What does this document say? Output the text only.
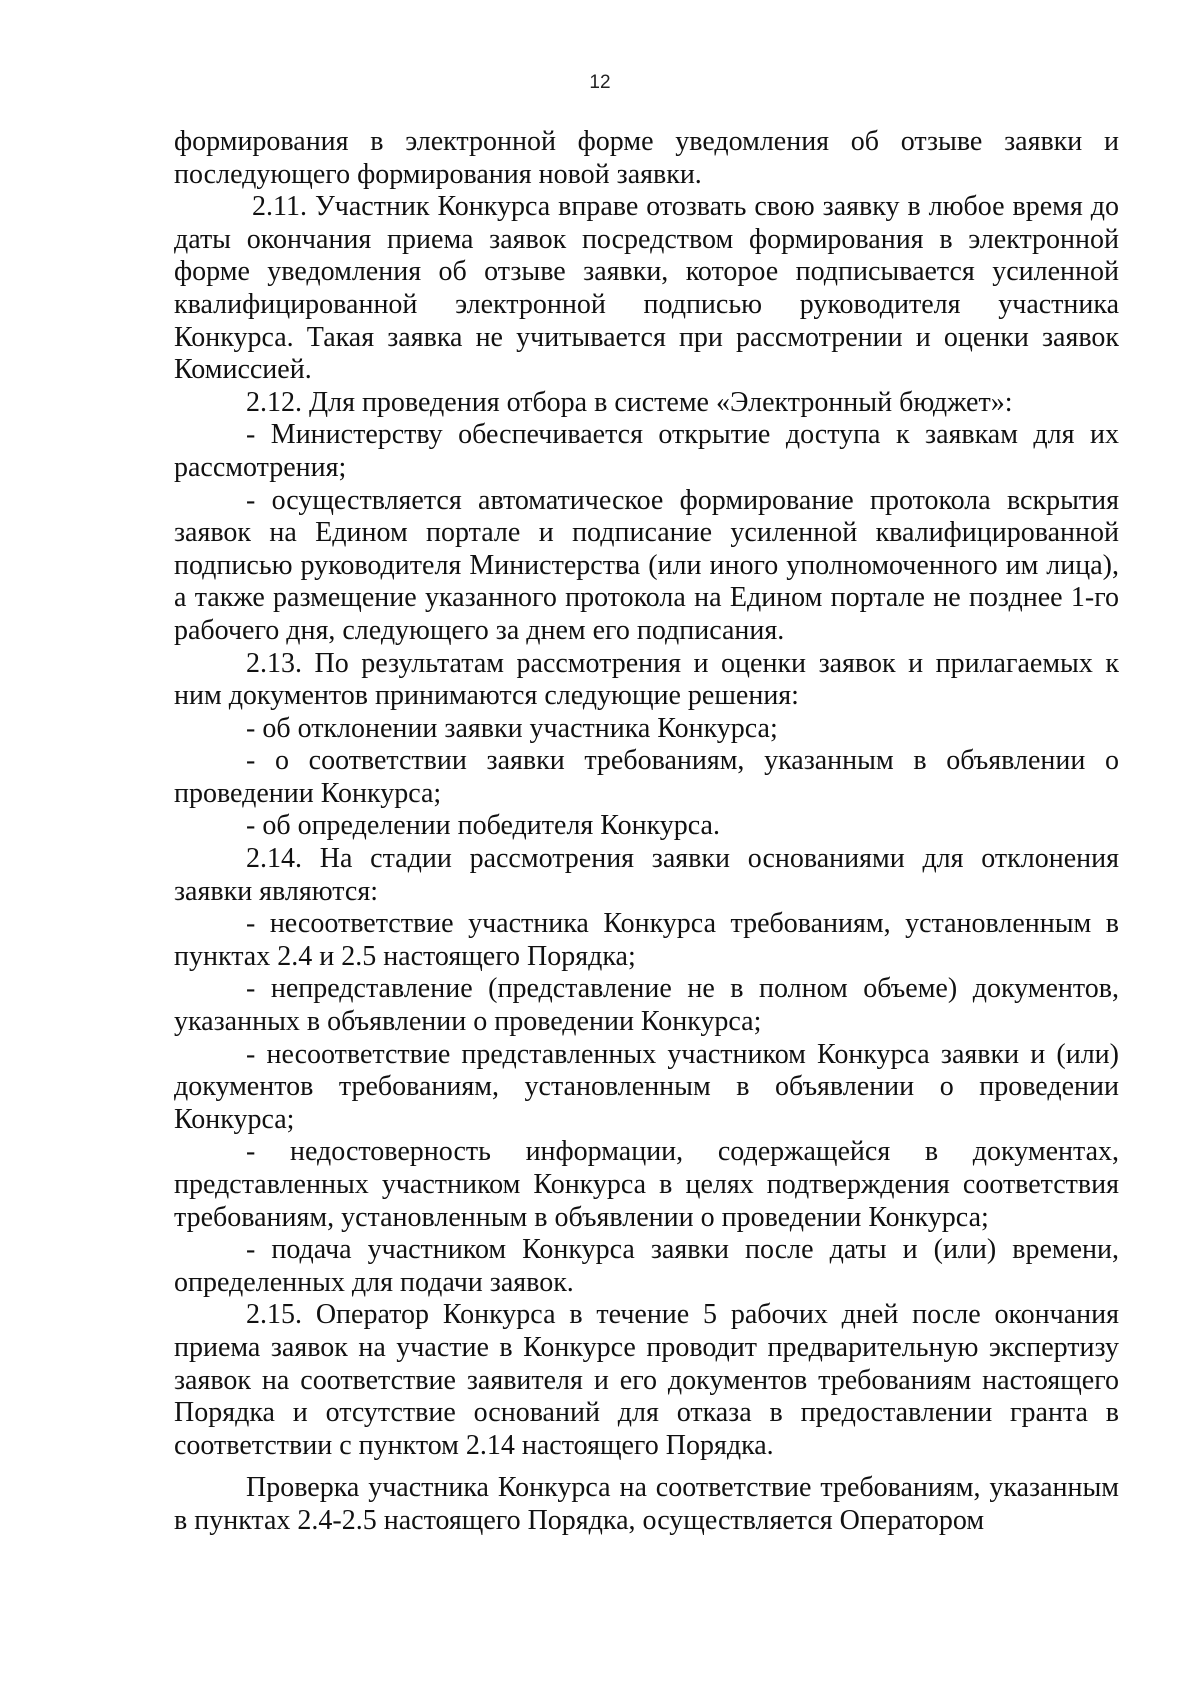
12

формирования в электронной форме уведомления об отзыве заявки и последующего формирования новой заявки.

2.11. Участник Конкурса вправе отозвать свою заявку в любое время до даты окончания приема заявок посредством формирования в электронной форме уведомления об отзыве заявки, которое подписывается усиленной квалифицированной электронной подписью руководителя участника Конкурса. Такая заявка не учитывается при рассмотрении и оценки заявок Комиссией.

2.12. Для проведения отбора в системе «Электронный бюджет»:

- Министерству обеспечивается открытие доступа к заявкам для их рассмотрения;

- осуществляется автоматическое формирование протокола вскрытия заявок на Едином портале и подписание усиленной квалифицированной подписью руководителя Министерства (или иного уполномоченного им лица), а также размещение указанного протокола на Едином портале не позднее 1-го рабочего дня, следующего за днем его подписания.

2.13. По результатам рассмотрения и оценки заявок и прилагаемых к ним документов принимаются следующие решения:

- об отклонении заявки участника Конкурса;

- о соответствии заявки требованиям, указанным в объявлении о проведении Конкурса;

- об определении победителя Конкурса.

2.14. На стадии рассмотрения заявки основаниями для отклонения заявки являются:

- несоответствие участника Конкурса требованиям, установленным в пунктах 2.4 и 2.5 настоящего Порядка;

- непредставление (представление не в полном объеме) документов, указанных в объявлении о проведении Конкурса;

- несоответствие представленных участником Конкурса заявки и (или) документов требованиям, установленным в объявлении о проведении Конкурса;

- недостоверность информации, содержащейся в документах, представленных участником Конкурса в целях подтверждения соответствия требованиям, установленным в объявлении о проведении Конкурса;

- подача участником Конкурса заявки после даты и (или) времени, определенных для подачи заявок.

2.15. Оператор Конкурса в течение 5 рабочих дней после окончания приема заявок на участие в Конкурсе проводит предварительную экспертизу заявок на соответствие заявителя и его документов требованиям настоящего Порядка и отсутствие оснований для отказа в предоставлении гранта в соответствии с пунктом 2.14 настоящего Порядка.

Проверка участника Конкурса на соответствие требованиям, указанным в пунктах 2.4-2.5 настоящего Порядка, осуществляется Оператором
